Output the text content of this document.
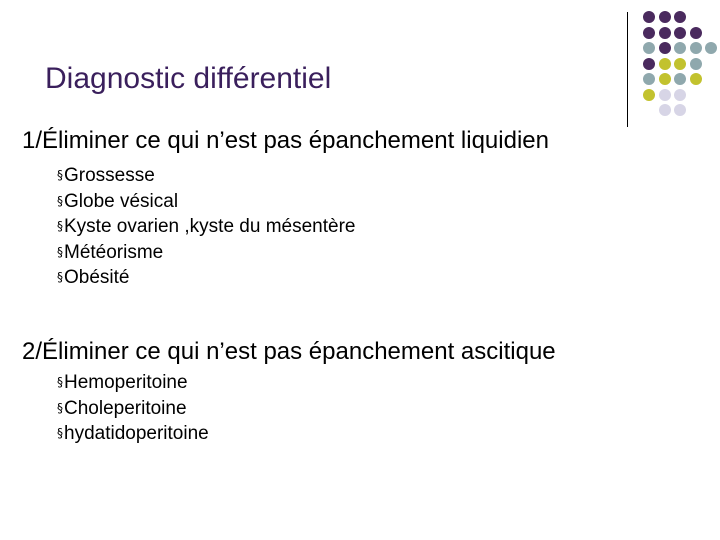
Diagnostic différentiel
1/Éliminer ce qui n’est pas épanchement liquidien
§Grossesse
§Globe vésical
§Kyste ovarien ,kyste du mésentère
§Météorisme
§Obésité
2/Éliminer ce qui n’est pas épanchement ascitique
§Hemoperitoine
§Choleperitoine
§hydatidoperitoine
